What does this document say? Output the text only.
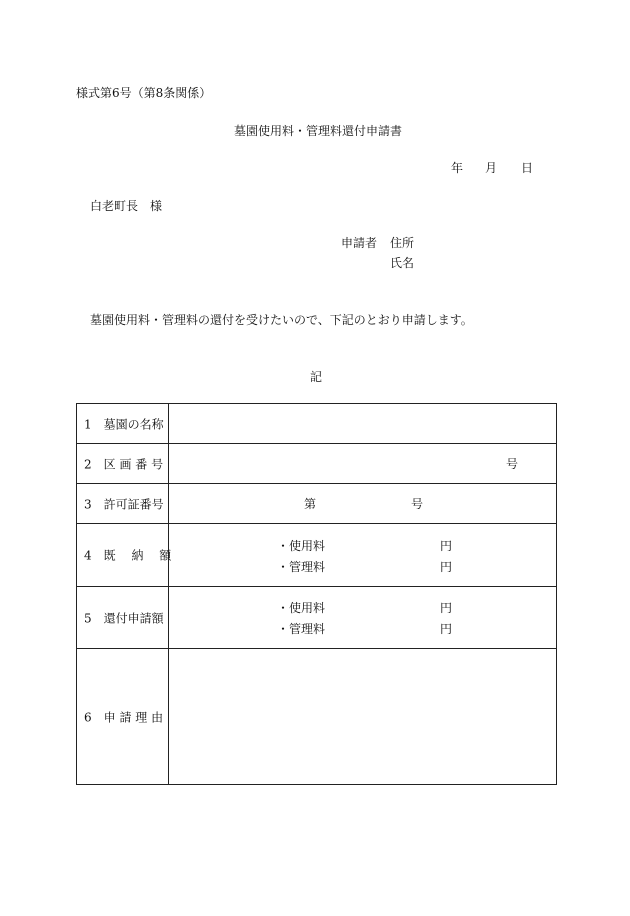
様式第6号（第8条関係）
墓園使用料・管理料還付申請書
年 月 日
白老町長　様
申請者 住所
氏名
墓園使用料・管理料の還付を受けたいので、下記のとおり申請します。
記
1　墓園の名称	

2　区 画 番 号	号

3　許可証番号	第 号

4　既　 納　 額	・使用料 円
・管理料 円

5　還付申請額	・使用料 円
・管理料 円

6　申 請 理 由	
